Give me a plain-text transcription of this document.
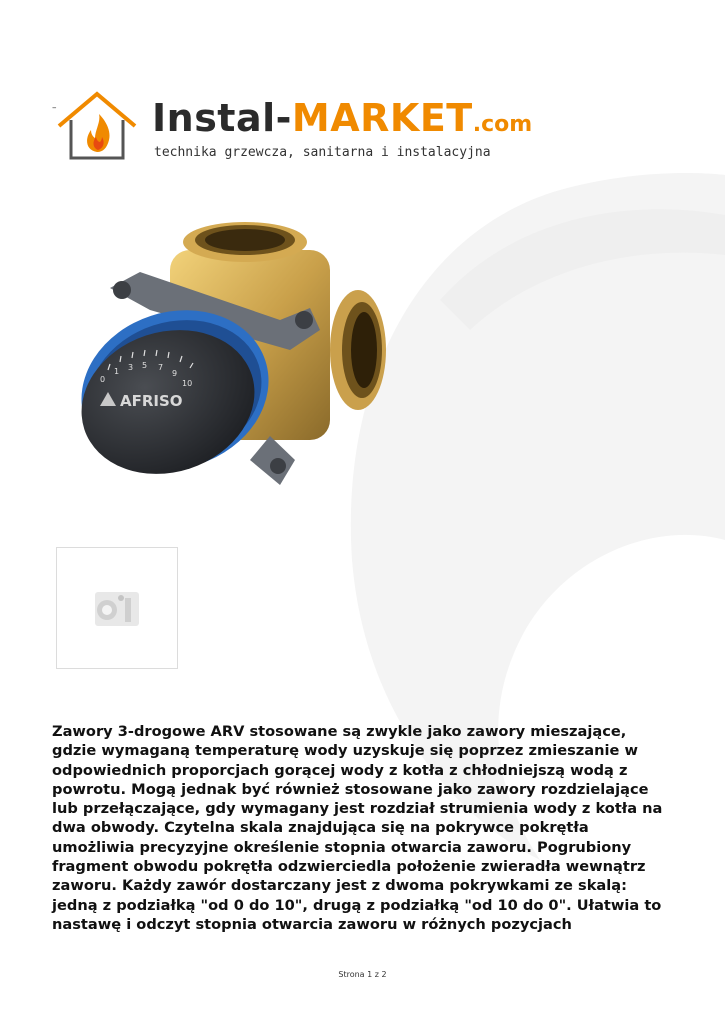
–	Instal-MARKET.com
technika grzewcza, sanitarna i instalacyjna
0
1 3 5 7
9
10
AFRISO
Zawory 3-drogowe ARV stosowane są zwykle jako zawory mieszające, gdzie wymaganą temperaturę wody uzyskuje się poprzez zmieszanie w odpowiednich proporcjach gorącej wody z kotła z chłodniejszą wodą z powrotu. Mogą jednak być również stosowane jako zawory rozdzielające lub przełączające, gdy wymagany jest rozdział strumienia wody z kotła na dwa obwody. Czytelna skala znajdująca się na pokrywce pokrętła umożliwia precyzyjne określenie stopnia otwarcia zaworu. Pogrubiony fragment obwodu pokrętła odzwierciedla położenie zwieradła wewnątrz zaworu. Każdy zawór dostarczany jest z dwoma pokrywkami ze skalą: jedną z podziałką "od 0 do 10", drugą z podziałką "od 10 do 0". Ułatwia to nastawę i odczyt stopnia otwarcia zaworu w różnych pozycjach
Strona 1 z 2
